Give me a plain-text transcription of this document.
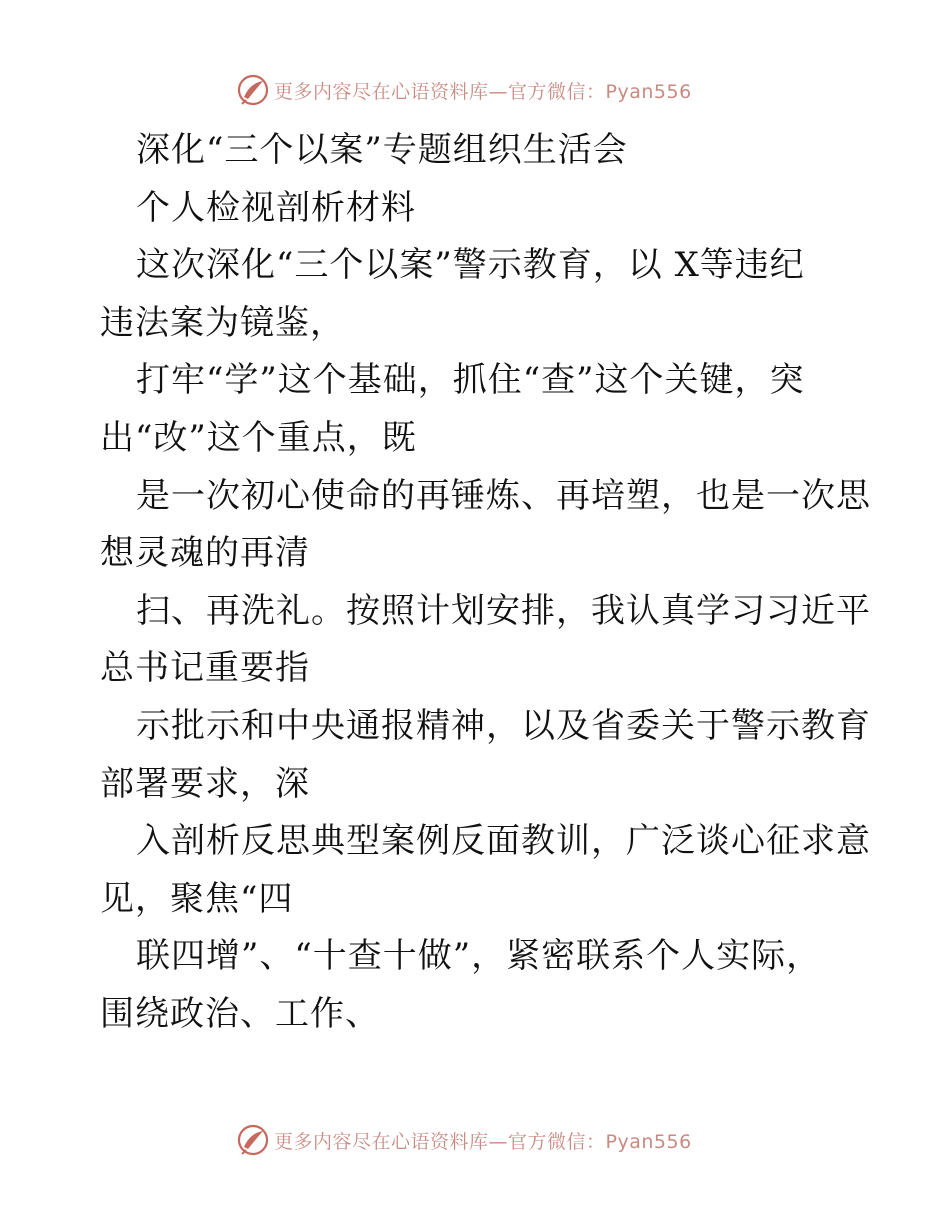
更多内容尽在心语资料库—官方微信：Pyan556
深化“三个以案”专题组织生活会
个人检视剖析材料
这次深化“三个以案”警示教育，以 X等违纪
违法案为镜鉴，
打牢“学”这个基础，抓住“查”这个关键，突
出“改”这个重点，既
是一次初心使命的再锤炼、再培塑，也是一次思
想灵魂的再清
扫、再洗礼。按照计划安排，我认真学习习近平
总书记重要指
示批示和中央通报精神，以及省委关于警示教育
部署要求，深
入剖析反思典型案例反面教训，广泛谈心征求意
见，聚焦“四
联四增”、“十查十做”，紧密联系个人实际，
围绕政治、工作、
更多内容尽在心语资料库—官方微信：Pyan556
